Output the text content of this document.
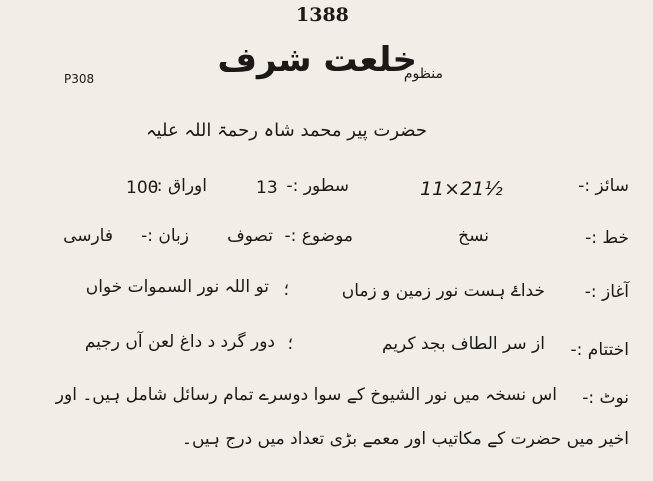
1388
P308	خلعت شرف
منظوم
حضرت پیر محمد شاہ رحمۃ اللہ علیہ
سائز :-
11×21½
سطور :-
13
اوراق :-
100
خط :-
نسخ
موضوع :-
تصوف
زبان :-
فارسی
آغاز :-
خداۓ ہست نور زمین و زماں
؛
تو اللہ نور السموات خواں
اختتام :-
از سر الطاف بجد کریم
؛
دور گرد د داغ لعن آں رجیم
نوٹ :-
اس نسخہ میں نور الشیوخ کے سوا دوسرے تمام رسائل شامل ہیں۔ اور
اخیر میں حضرت کے مکاتیب اور معمے بڑی تعداد میں درج ہیں۔
